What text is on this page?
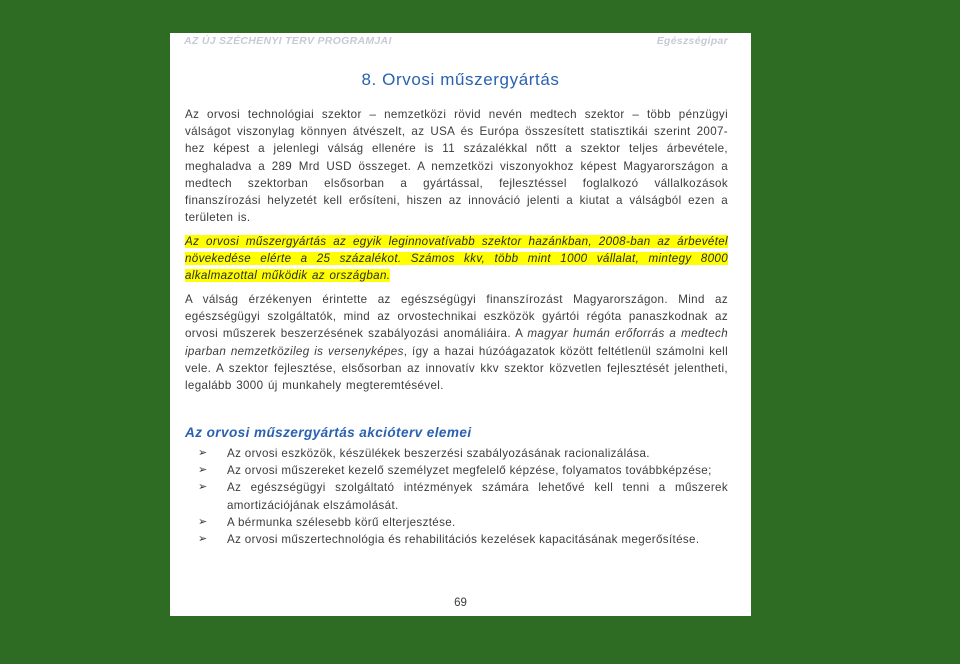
AZ ÚJ SZÉCHENYI TERV PROGRAMJAI	Egészségipar
8. Orvosi műszergyártás
Az orvosi technológiai szektor – nemzetközi rövid nevén medtech szektor – több pénzügyi válságot viszonylag könnyen átvészelt, az USA és Európa összesített statisztikái szerint 2007-hez képest a jelenlegi válság ellenére is 11 százalékkal nőtt a szektor teljes árbevétele, meghaladva a 289 Mrd USD összeget. A nemzetközi viszonyokhoz képest Magyarországon a medtech szektorban elsősorban a gyártással, fejlesztéssel foglalkozó vállalkozások finanszírozási helyzetét kell erősíteni, hiszen az innováció jelenti a kiutat a válságból ezen a területen is.
Az orvosi műszergyártás az egyik leginnovatívabb szektor hazánkban, 2008-ban az árbevétel növekedése elérte a 25 százalékot. Számos kkv, több mint 1000 vállalat, mintegy 8000 alkalmazottal működik az országban.
A válság érzékenyen érintette az egészségügyi finanszírozást Magyarországon. Mind az egészségügyi szolgáltatók, mind az orvostechnikai eszközök gyártói régóta panaszkodnak az orvosi műszerek beszerzésének szabályozási anomáliáira. A magyar humán erőforrás a medtech iparban nemzetközileg is versenyképes, így a hazai húzóágazatok között feltétlenül számolni kell vele. A szektor fejlesztése, elsősorban az innovatív kkv szektor közvetlen fejlesztését jelentheti, legalább 3000 új munkahely megteremtésével.
Az orvosi műszergyártás akcióterv elemei
➢ Az orvosi eszközök, készülékek beszerzési szabályozásának racionalizálása.
➢ Az orvosi műszereket kezelő személyzet megfelelő képzése, folyamatos továbbképzése;
➢ Az egészségügyi szolgáltató intézmények számára lehetővé kell tenni a műszerek amortizációjának elszámolását.
➢ A bérmunka szélesebb körű elterjesztése.
➢ Az orvosi műszertechnológia és rehabilitációs kezelések kapacitásának megerősítése.
69
